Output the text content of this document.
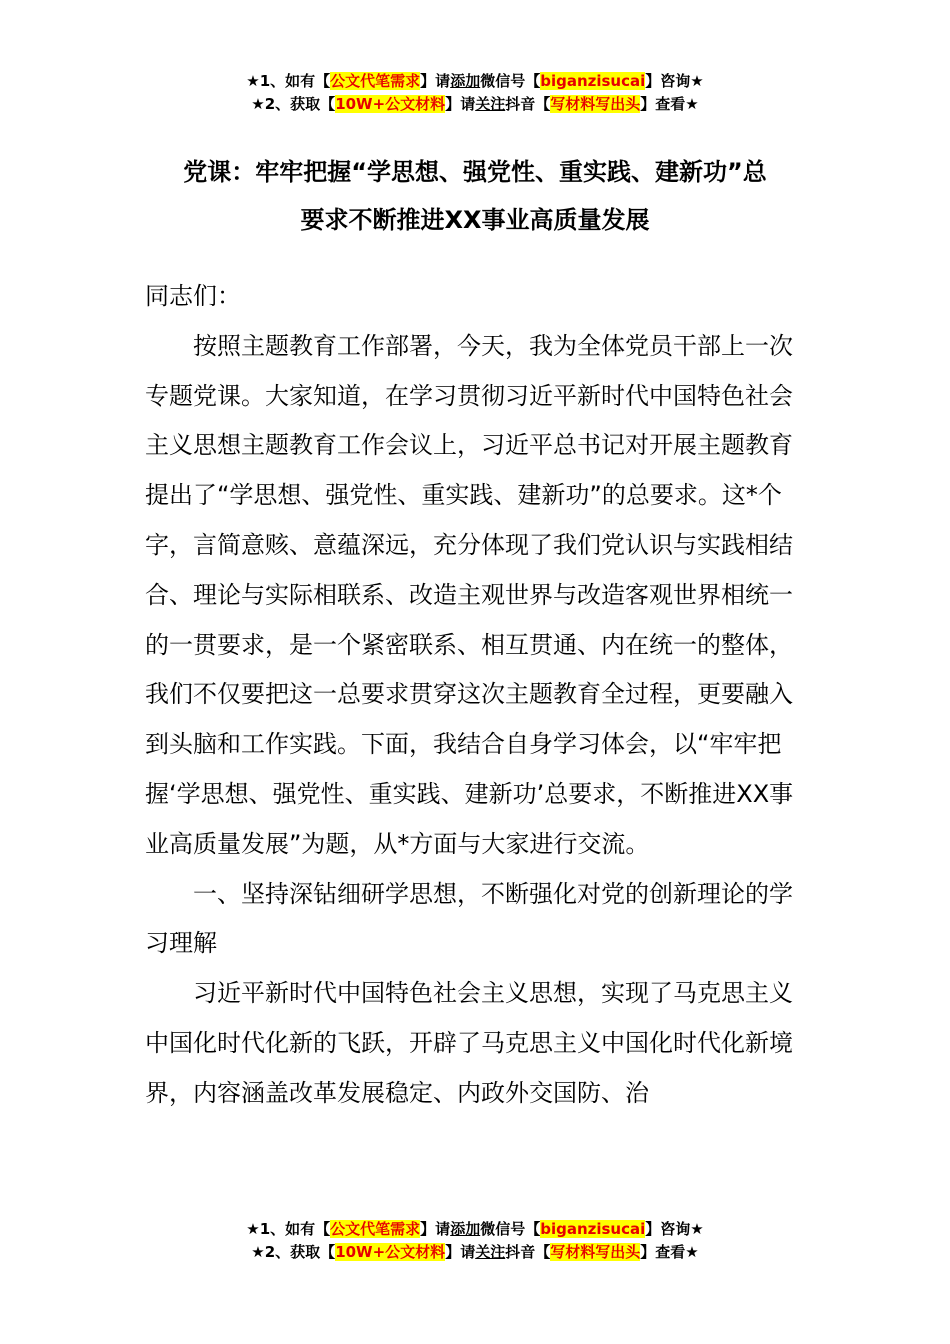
★1、如有【公文代笔需求】请添加微信号【biganzisucai】咨询★
★2、获取【10W+公文材料】请关注抖音【写材料写出头】查看★
党课：牢牢把握“学思想、强党性、重实践、建新功”总
要求不断推进XX事业高质量发展

同志们：

按照主题教育工作部署，今天，我为全体党员干部上一次专题党课。大家知道，在学习贯彻习近平新时代中国特色社会主义思想主题教育工作会议上，习近平总书记对开展主题教育提出了“学思想、强党性、重实践、建新功”的总要求。这*个字，言简意赅、意蕴深远，充分体现了我们党认识与实践相结合、理论与实际相联系、改造主观世界与改造客观世界相统一的一贯要求，是一个紧密联系、相互贯通、内在统一的整体，我们不仅要把这一总要求贯穿这次主题教育全过程，更要融入到头脑和工作实践。下面，我结合自身学习体会，以“牢牢把握‘学思想、强党性、重实践、建新功’总要求，不断推进XX事业高质量发展”为题，从*方面与大家进行交流。

一、坚持深钻细研学思想，不断强化对党的创新理论的学习理解

习近平新时代中国特色社会主义思想，实现了马克思主义中国化时代化新的飞跃，开辟了马克思主义中国化时代化新境界，内容涵盖改革发展稳定、内政外交国防、治

★1、如有【公文代笔需求】请添加微信号【biganzisucai】咨询★
★2、获取【10W+公文材料】请关注抖音【写材料写出头】查看★
